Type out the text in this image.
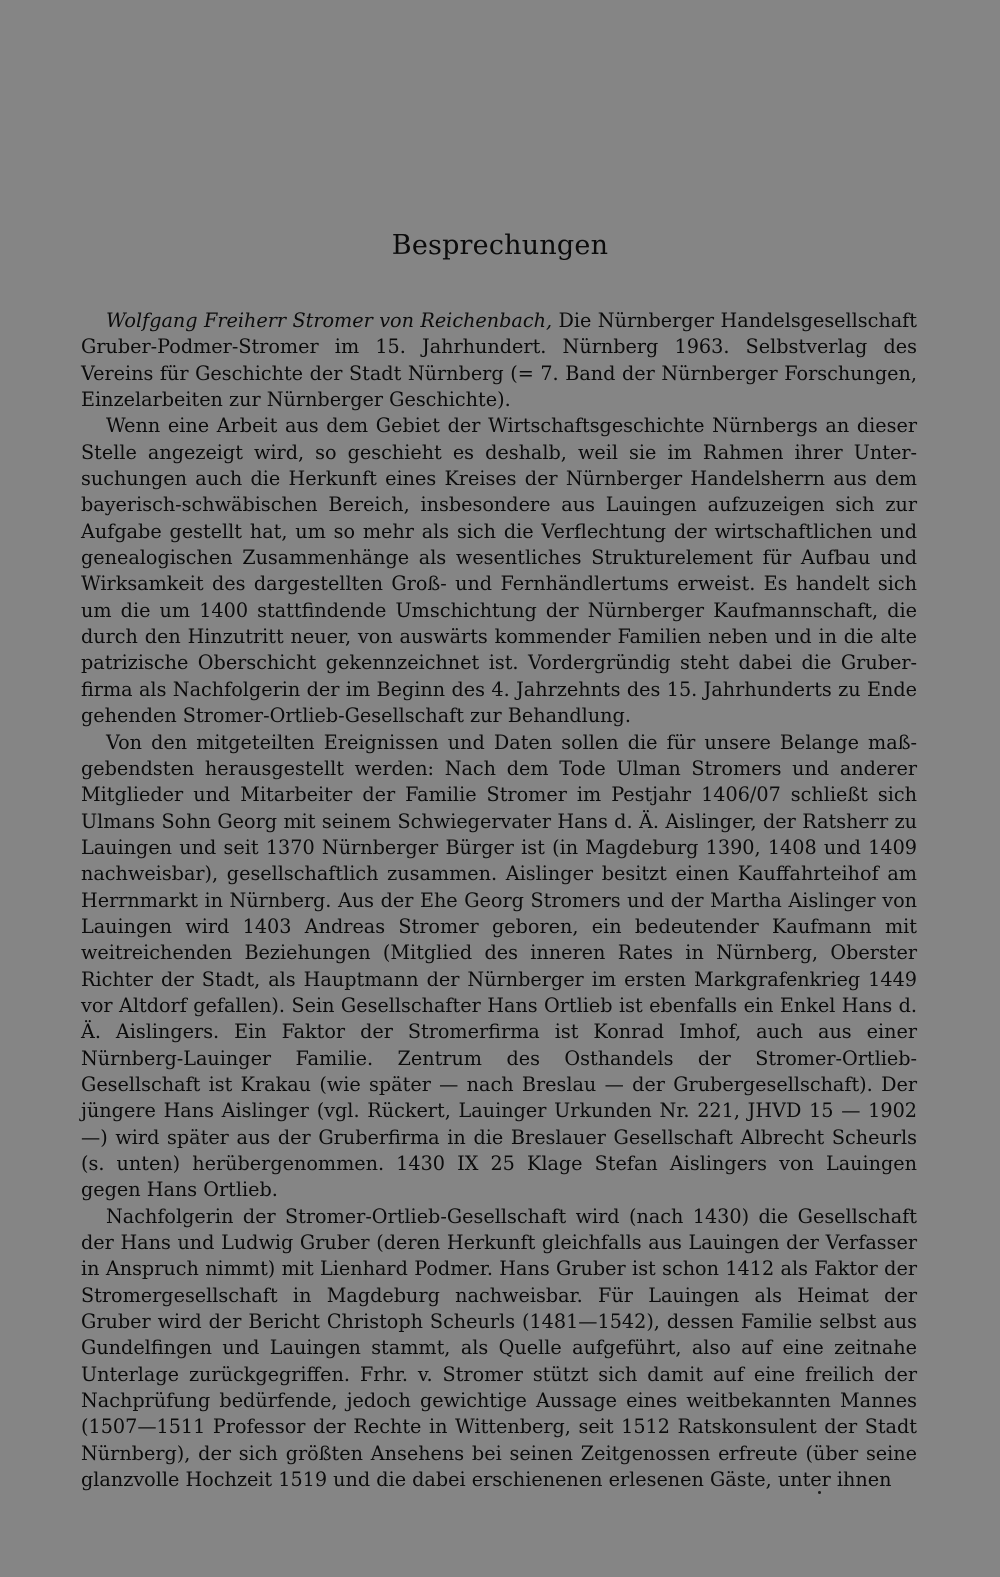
Besprechungen

Wolfgang Freiherr Stromer von Reichenbach, Die Nürnberger Handelsgesellschaft Gruber-Podmer-Stromer im 15. Jahrhundert. Nürnberg 1963. Selbstverlag des Vereins für Geschichte der Stadt Nürnberg (= 7. Band der Nürnberger Forschungen, Einzelarbeiten zur Nürnberger Geschichte).

Wenn eine Arbeit aus dem Gebiet der Wirtschaftsgeschichte Nürnbergs an dieser Stelle angezeigt wird, so geschieht es deshalb, weil sie im Rahmen ihrer Untersuchungen auch die Herkunft eines Kreises der Nürnberger Handelsherrn aus dem bayerisch-schwäbischen Bereich, insbesondere aus Lauingen aufzuzeigen sich zur Aufgabe gestellt hat, um so mehr als sich die Verflechtung der wirtschaftlichen und genealogischen Zusammenhänge als wesentliches Strukturelement für Aufbau und Wirksamkeit des dargestellten Groß- und Fernhändlertums erweist. Es handelt sich um die um 1400 stattfindende Umschichtung der Nürnberger Kaufmannschaft, die durch den Hinzutritt neuer, von auswärts kommender Familien neben und in die alte patrizische Oberschicht gekennzeichnet ist. Vordergründig steht dabei die Gruberfirma als Nachfolgerin der im Beginn des 4. Jahrzehnts des 15. Jahrhunderts zu Ende gehenden Stromer-Ortlieb-Gesellschaft zur Behandlung.

Von den mitgeteilten Ereignissen und Daten sollen die für unsere Belange maßgebendsten herausgestellt werden: Nach dem Tode Ulman Stromers und anderer Mitglieder und Mitarbeiter der Familie Stromer im Pestjahr 1406/07 schließt sich Ulmans Sohn Georg mit seinem Schwiegervater Hans d. Ä. Aislinger, der Ratsherr zu Lauingen und seit 1370 Nürnberger Bürger ist (in Magdeburg 1390, 1408 und 1409 nachweisbar), gesellschaftlich zusammen. Aislinger besitzt einen Kauffahrteihof am Herrnmarkt in Nürnberg. Aus der Ehe Georg Stromers und der Martha Aislinger von Lauingen wird 1403 Andreas Stromer geboren, ein bedeutender Kaufmann mit weitreichenden Beziehungen (Mitglied des inneren Rates in Nürnberg, Oberster Richter der Stadt, als Hauptmann der Nürnberger im ersten Markgrafenkrieg 1449 vor Altdorf gefallen). Sein Gesellschafter Hans Ortlieb ist ebenfalls ein Enkel Hans d. Ä. Aislingers. Ein Faktor der Stromerfirma ist Konrad Imhof, auch aus einer Nürnberg-Lauinger Familie. Zentrum des Osthandels der Stromer-Ortlieb-Gesellschaft ist Krakau (wie später — nach Breslau — der Grubergesellschaft). Der jüngere Hans Aislinger (vgl. Rückert, Lauinger Urkunden Nr. 221, JHVD 15 — 1902 —) wird später aus der Gruberfirma in die Breslauer Gesellschaft Albrecht Scheurls (s. unten) herübergenommen. 1430 IX 25 Klage Stefan Aislingers von Lauingen gegen Hans Ortlieb.

Nachfolgerin der Stromer-Ortlieb-Gesellschaft wird (nach 1430) die Gesellschaft der Hans und Ludwig Gruber (deren Herkunft gleichfalls aus Lauingen der Verfasser in Anspruch nimmt) mit Lienhard Podmer. Hans Gruber ist schon 1412 als Faktor der Stromergesellschaft in Magdeburg nachweisbar. Für Lauingen als Heimat der Gruber wird der Bericht Christoph Scheurls (1481—1542), dessen Familie selbst aus Gundelfingen und Lauingen stammt, als Quelle aufgeführt, also auf eine zeitnahe Unterlage zurückgegriffen. Frhr. v. Stromer stützt sich damit auf eine freilich der Nachprüfung bedürfende, jedoch gewichtige Aussage eines weitbekannten Mannes (1507—1511 Professor der Rechte in Wittenberg, seit 1512 Ratskonsulent der Stadt Nürnberg), der sich größten Ansehens bei seinen Zeitgenossen erfreute (über seine glanzvolle Hochzeit 1519 und die dabei erschienenen erlesenen Gäste, unter ihnen
